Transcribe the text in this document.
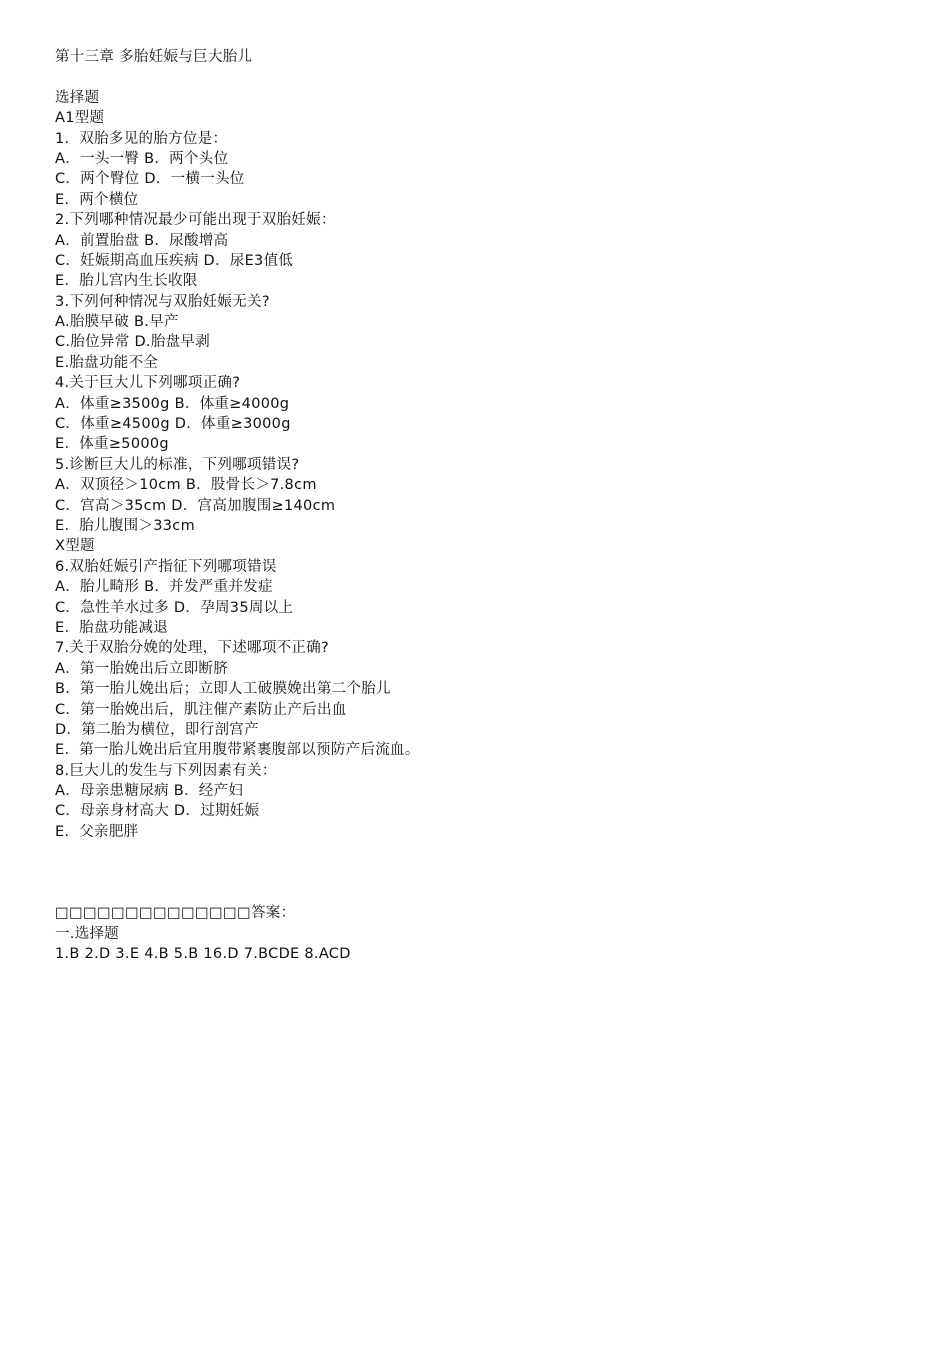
第十三章 多胎妊娠与巨大胎儿
选择题
A1型题
1．双胎多见的胎方位是：
A．一头一臀 B．两个头位
C．两个臀位 D．一横一头位
E．两个横位
2.下列哪种情况最少可能出现于双胎妊娠：
A．前置胎盘 B．尿酸增高
C．妊娠期高血压疾病 D．尿E3值低
E．胎儿宫内生长收限
3.下列何种情况与双胎妊娠无关?
A.胎膜早破 B.早产
C.胎位异常 D.胎盘早剥
E.胎盘功能不全
4.关于巨大儿下列哪项正确?
A．体重≥3500g B．体重≥4000g
C．体重≥4500g D．体重≥3000g
E．体重≥5000g
5.诊断巨大儿的标准，下列哪项错误?
A．双顶径＞10cm B．股骨长＞7.8cm
C．宫高＞35cm D．宫高加腹围≥140cm
E．胎儿腹围＞33cm
X型题
6.双胎妊娠引产指征下列哪项错误
A．胎儿畸形 B．并发严重并发症
C．急性羊水过多 D．孕周35周以上
E．胎盘功能减退
7.关于双胎分娩的处理，下述哪项不正确?
A．第一胎娩出后立即断脐
B．第一胎儿娩出后；立即人工破膜娩出第二个胎儿
C．第一胎娩出后，肌注催产素防止产后出血
D．第二胎为横位，即行剖宫产
E．第一胎儿娩出后宜用腹带紧裹腹部以预防产后流血。
8.巨大儿的发生与下列因素有关：
A．母亲患糖尿病 B．经产妇
C．母亲身材高大 D．过期妊娠
E．父亲肥胖
□□□□□□□□□□□□□□答案：
一.选择题
1.B 2.D 3.E 4.B 5.B 16.D 7.BCDE 8.ACD
